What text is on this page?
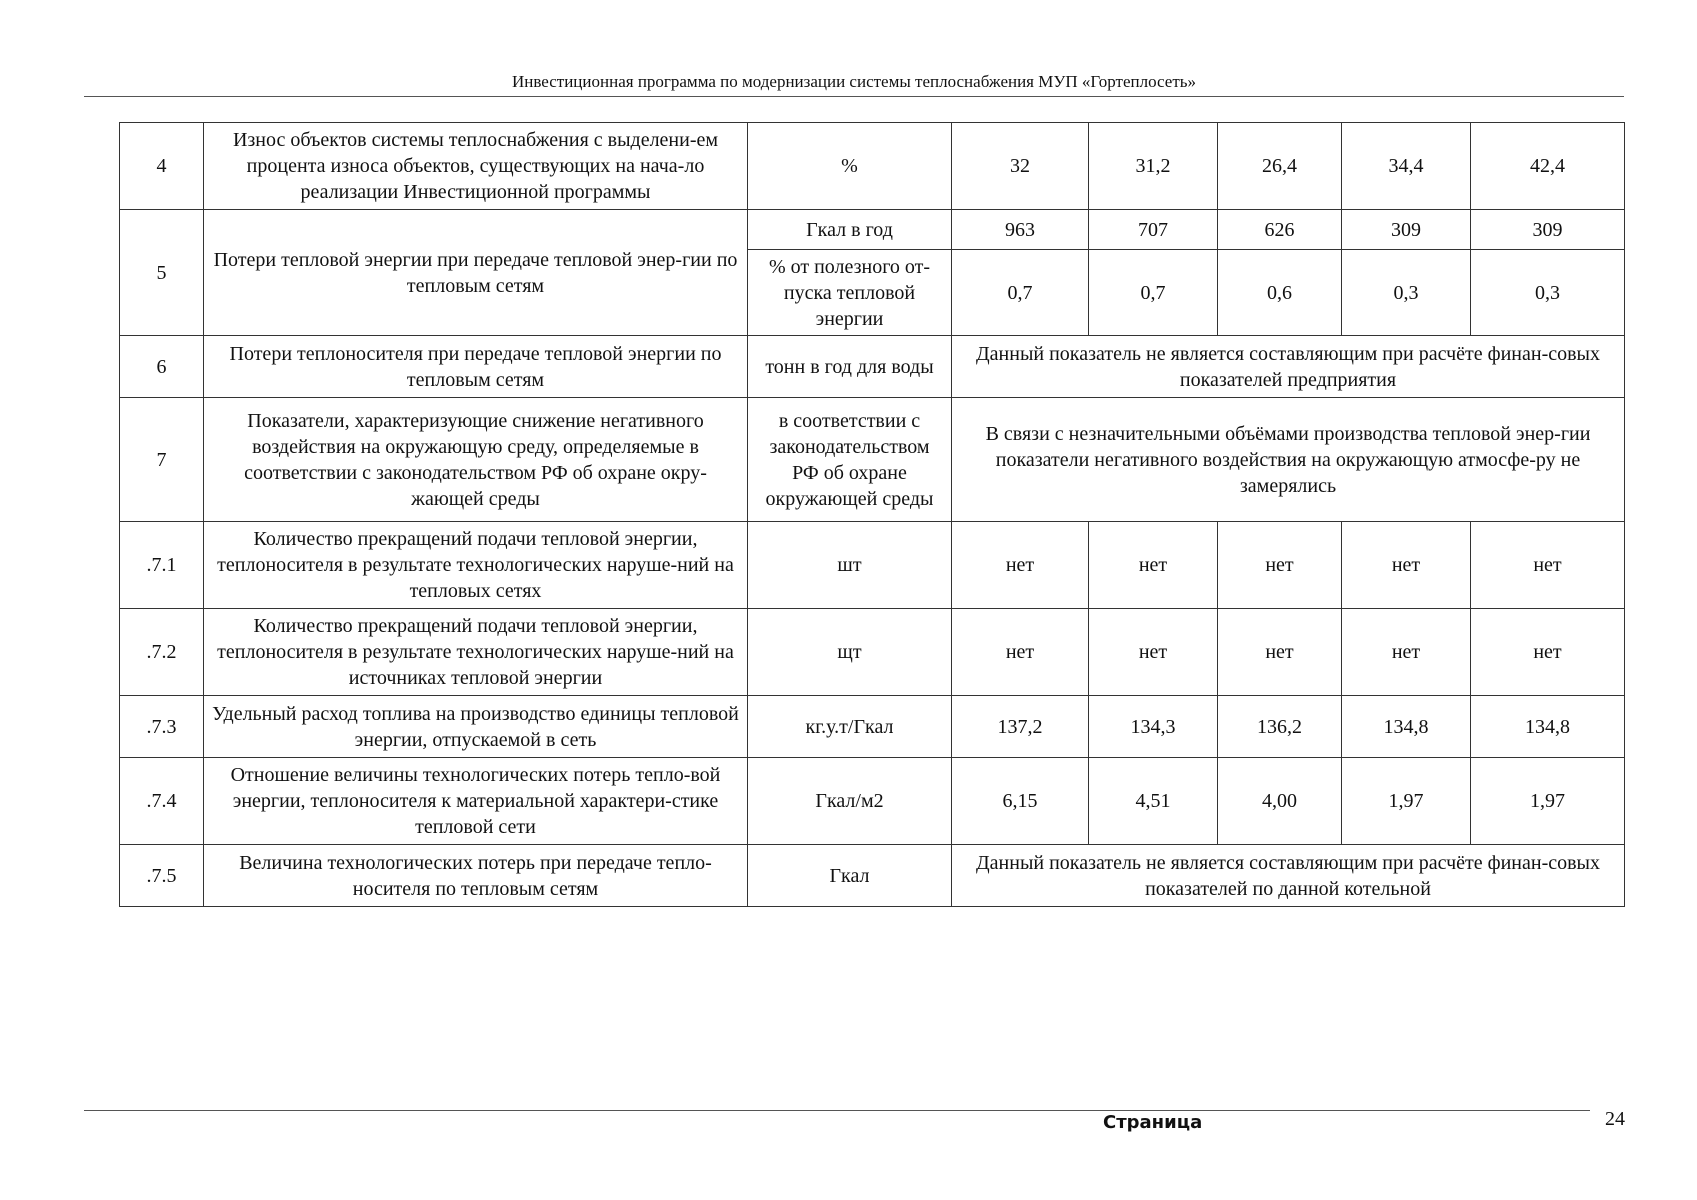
Инвестиционная программа по модернизации системы теплоснабжения МУП «Гортеплосеть»
4	Износ объектов системы теплоснабжения с выделени-ем процента износа объектов, существующих на нача-ло реализации Инвестиционной программы	%	32	31,2	26,4	34,4	42,4
5	Потери тепловой энергии при передаче тепловой энер-гии по тепловым сетям	Гкал в год	963	707	626	309	309
		% от полезного от-пуска тепловой энергии	0,7	0,7	0,6	0,3	0,3
6	Потери теплоносителя при передаче тепловой энергии по тепловым сетям	тонн в год для воды	Данный показатель не является составляющим при расчёте финан-совых показателей предприятия				
7	Показатели, характеризующие снижение негативного воздействия на окружающую среду, определяемые в соответствии с законодательством РФ об охране окру-жающей среды	в соответствии с законодательством РФ об охране окружающей среды	В связи с незначительными объёмами производства тепловой энер-гии показатели негативного воздействия на окружающую атмосфе-ру не замерялись				
.7.1	Количество прекращений подачи тепловой энергии, теплоносителя в результате технологических наруше-ний на тепловых сетях	шт	нет	нет	нет	нет	нет
.7.2	Количество прекращений подачи тепловой энергии, теплоносителя в результате технологических наруше-ний на источниках тепловой энергии	щт	нет	нет	нет	нет	нет
.7.3	Удельный расход топлива на производство единицы тепловой энергии, отпускаемой в сеть	кг.у.т/Гкал	137,2	134,3	136,2	134,8	134,8
.7.4	Отношение величины технологических потерь тепло-вой энергии, теплоносителя к материальной характери-стике тепловой сети	Гкал/м2	6,15	4,51	4,00	1,97	1,97
.7.5	Величина технологических потерь при передаче тепло-носителя по тепловым сетям	Гкал	Данный показатель не является составляющим при расчёте финан-совых показателей по данной котельной				
Страница	24
